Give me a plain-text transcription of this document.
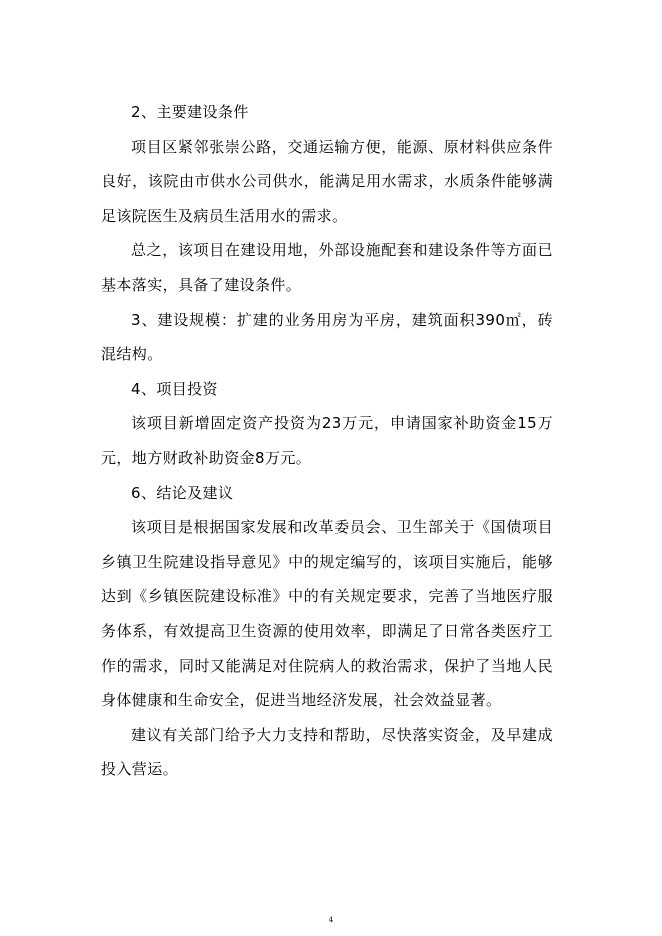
2、主要建设条件

项目区紧邻张崇公路，交通运输方便，能源、原材料供应条件良好，该院由市供水公司供水，能满足用水需求，水质条件能够满足该院医生及病员生活用水的需求。

总之，该项目在建设用地，外部设施配套和建设条件等方面已基本落实，具备了建设条件。

3、建设规模：扩建的业务用房为平房，建筑面积390㎡，砖混结构。

4、项目投资

该项目新增固定资产投资为23万元，申请国家补助资金15万元，地方财政补助资金8万元。

6、结论及建议

该项目是根据国家发展和改革委员会、卫生部关于《国债项目乡镇卫生院建设指导意见》中的规定编写的，该项目实施后，能够达到《乡镇医院建设标准》中的有关规定要求，完善了当地医疗服务体系，有效提高卫生资源的使用效率，即满足了日常各类医疗工作的需求，同时又能满足对住院病人的救治需求，保护了当地人民身体健康和生命安全，促进当地经济发展，社会效益显著。

建议有关部门给予大力支持和帮助，尽快落实资金，及早建成投入营运。

4
